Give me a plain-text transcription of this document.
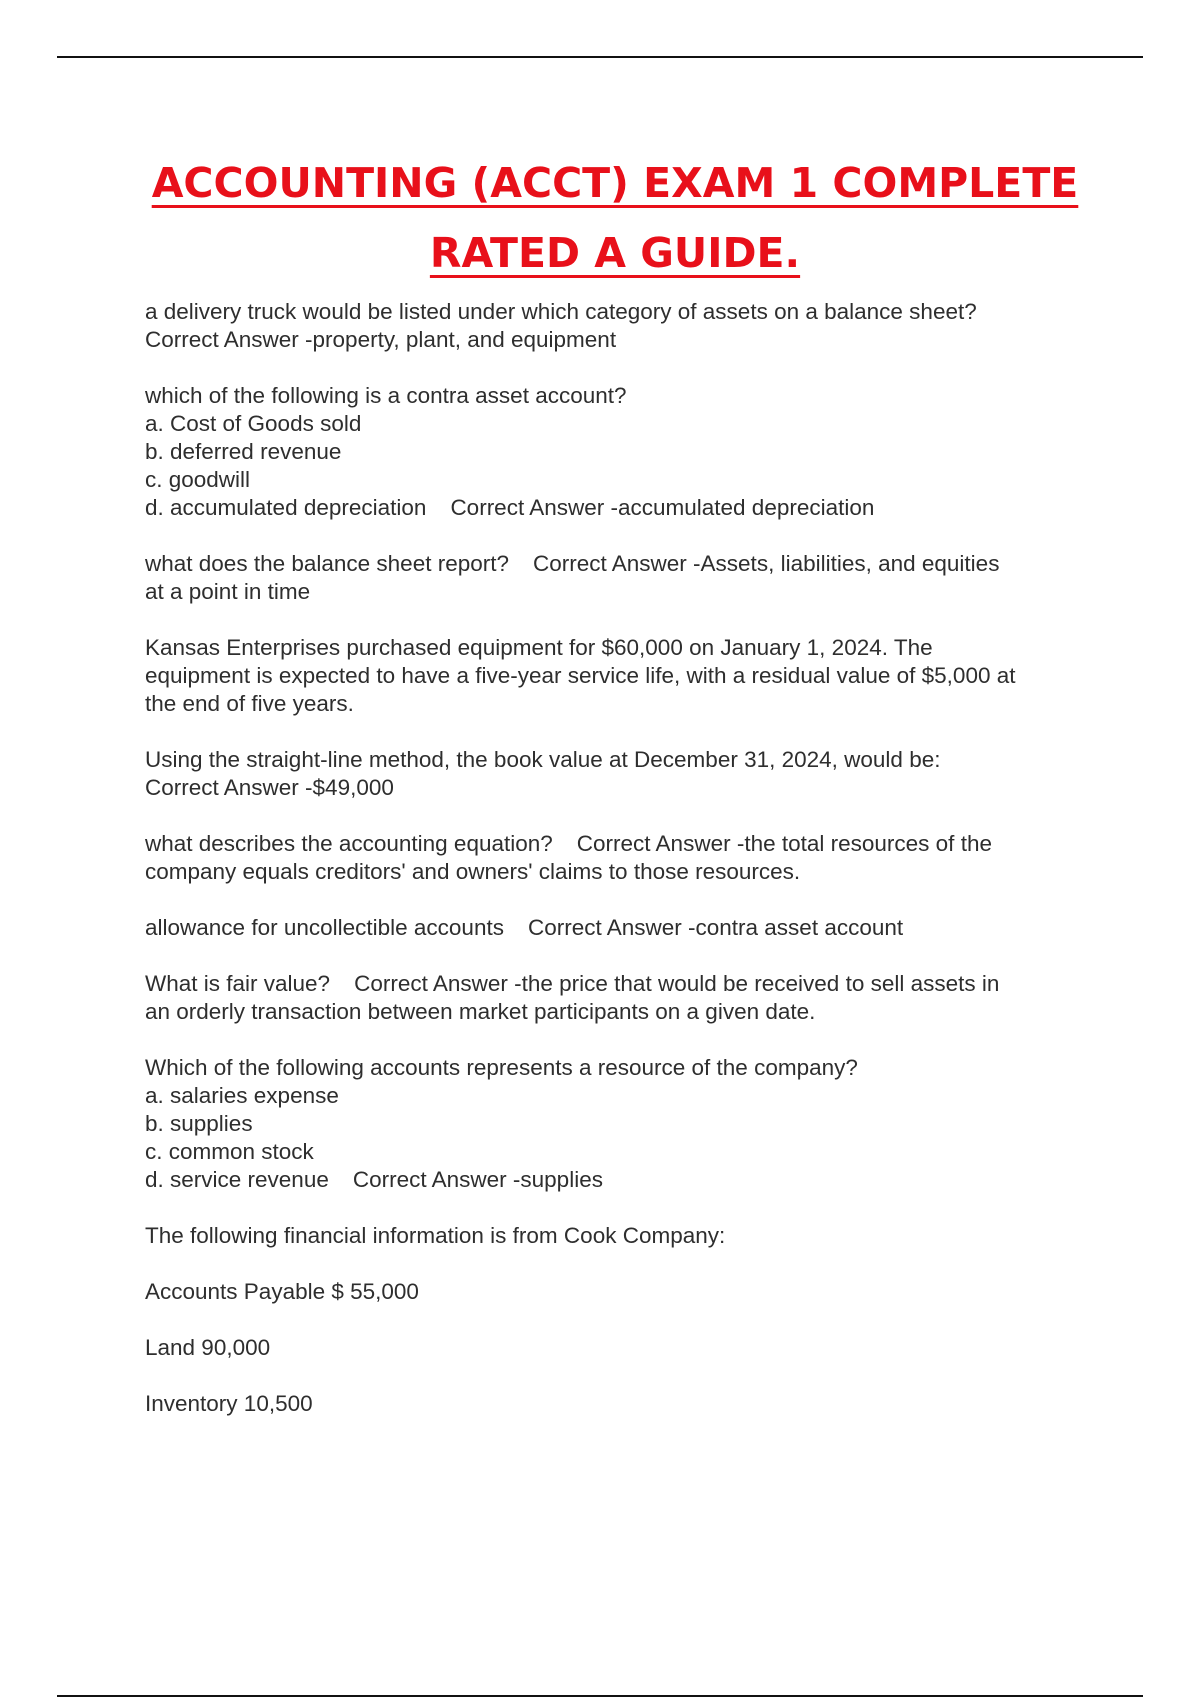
ACCOUNTING (ACCT) EXAM 1 COMPLETE
RATED A GUIDE.
a delivery truck would be listed under which category of assets on a balance sheet?
Correct Answer -property, plant, and equipment
which of the following is a contra asset account?
a. Cost of Goods sold
b. deferred revenue
c. goodwill
d. accumulated depreciation Correct Answer -accumulated depreciation
what does the balance sheet report? Correct Answer -Assets, liabilities, and equities
at a point in time
Kansas Enterprises purchased equipment for $60,000 on January 1, 2024. The
equipment is expected to have a five-year service life, with a residual value of $5,000 at
the end of five years.
Using the straight-line method, the book value at December 31, 2024, would be:
Correct Answer -$49,000
what describes the accounting equation? Correct Answer -the total resources of the
company equals creditors' and owners' claims to those resources.
allowance for uncollectible accounts Correct Answer -contra asset account
What is fair value? Correct Answer -the price that would be received to sell assets in
an orderly transaction between market participants on a given date.
Which of the following accounts represents a resource of the company?
a. salaries expense
b. supplies
c. common stock
d. service revenue Correct Answer -supplies
The following financial information is from Cook Company:
Accounts Payable $ 55,000
Land 90,000
Inventory 10,500
